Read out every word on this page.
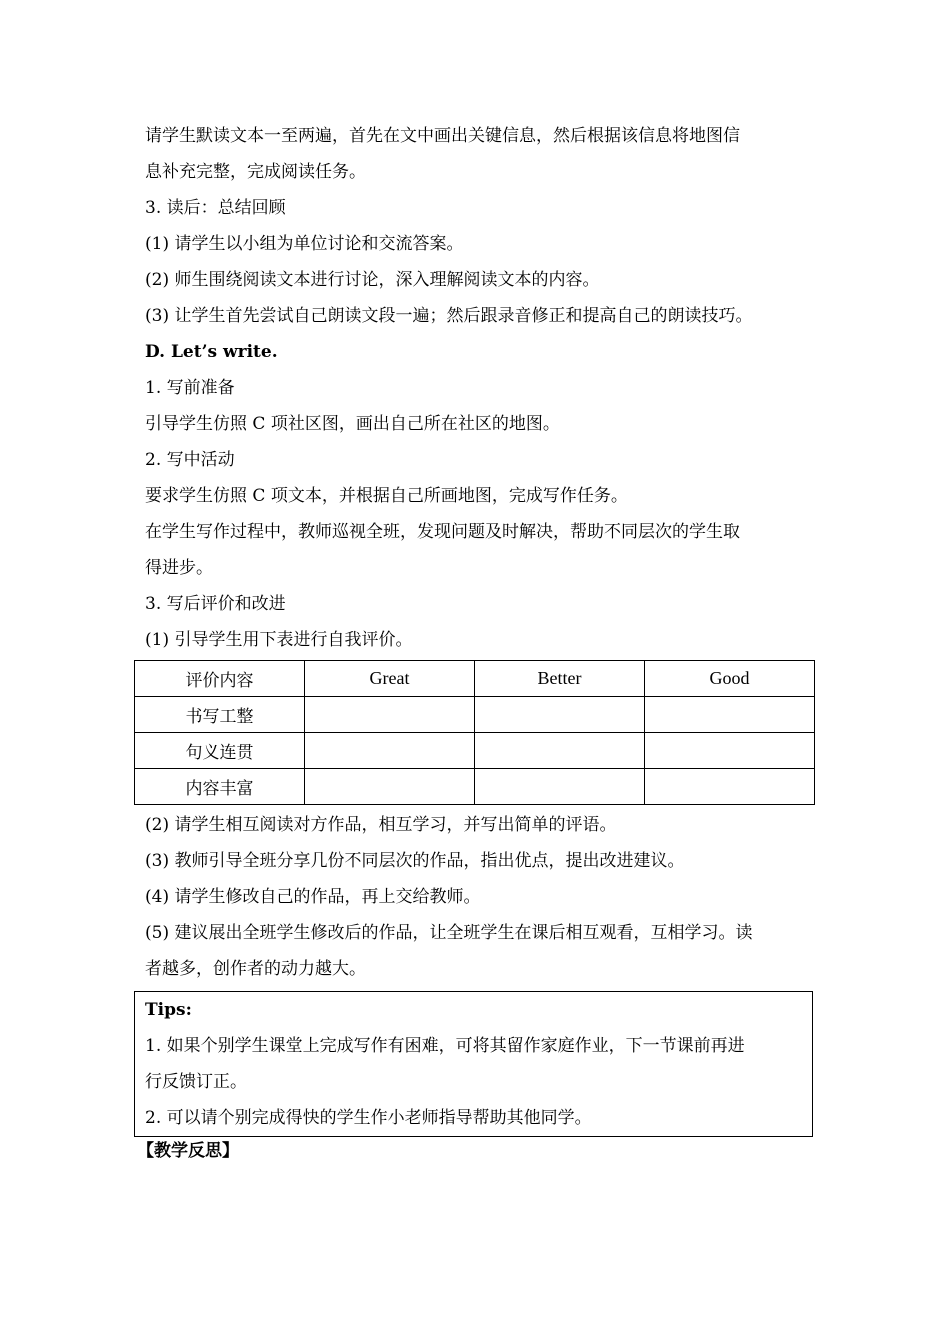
请学生默读文本一至两遍，首先在文中画出关键信息，然后根据该信息将地图信
息补充完整，完成阅读任务。
3. 读后：总结回顾
(1) 请学生以小组为单位讨论和交流答案。
(2) 师生围绕阅读文本进行讨论，深入理解阅读文本的内容。
(3) 让学生首先尝试自己朗读文段一遍；然后跟录音修正和提高自己的朗读技巧。
D. Let’s write.
1. 写前准备
引导学生仿照 C 项社区图，画出自己所在社区的地图。
2. 写中活动
要求学生仿照 C 项文本，并根据自己所画地图，完成写作任务。
在学生写作过程中，教师巡视全班，发现问题及时解决，帮助不同层次的学生取
得进步。
3. 写后评价和改进
(1) 引导学生用下表进行自我评价。
评价内容	Great	Better	Good
书写工整			
句义连贯			
内容丰富			
(2) 请学生相互阅读对方作品，相互学习，并写出简单的评语。
(3) 教师引导全班分享几份不同层次的作品，指出优点，提出改进建议。
(4) 请学生修改自己的作品，再上交给教师。
(5) 建议展出全班学生修改后的作品，让全班学生在课后相互观看，互相学习。读
者越多，创作者的动力越大。
Tips:
1. 如果个别学生课堂上完成写作有困难，可将其留作家庭作业，下一节课前再进
行反馈订正。
2. 可以请个别完成得快的学生作小老师指导帮助其他同学。
【教学反思】
